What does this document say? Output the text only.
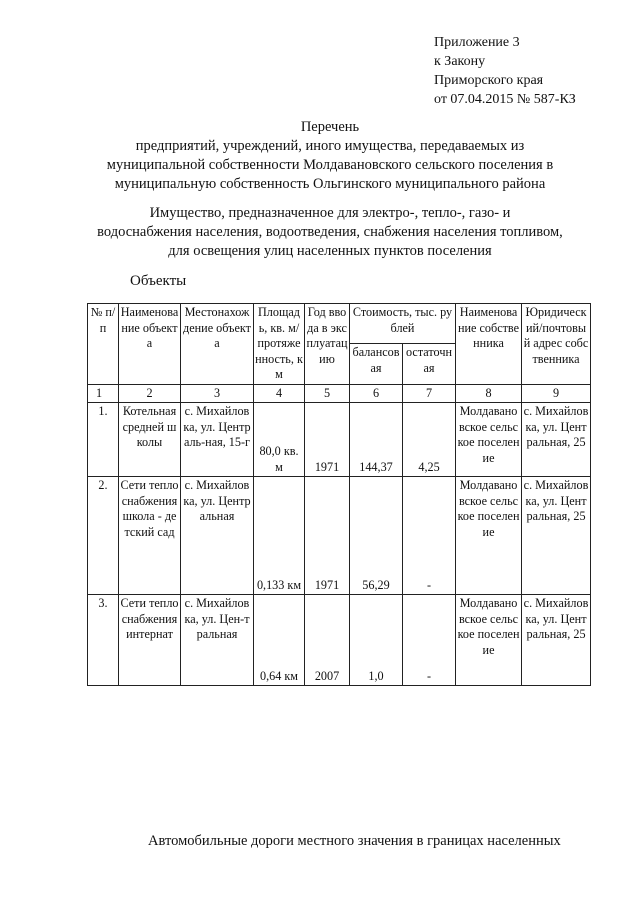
Приложение 3
к Закону
Приморского края
от 07.04.2015 № 587-КЗ
Перечень
предприятий, учреждений, иного имущества, передаваемых из
муниципальной собственности Молдавановского сельского поселения в
муниципальную собственность Ольгинского муниципального района
Имущество, предназначенное для электро-, тепло-, газо- и
водоснабжения населения, водоотведения, снабжения населения топливом,
для освещения улиц населенных пунктов поселения
Объекты
№ п/п	Наименование объекта	Местонахождение объекта	Площадь, кв. м/ протяженность, км	Год ввода в эксплуатацию	Стоимость, тыс. рублей		Наименование собственника	Юридический/почтовый адрес собственника
					балансовая	остаточная		
1	2	3	4	5	6	7	8	9
1.	Котельная средней школы	с. Михайловка, ул. Централь-ная, 15-г	80,0 кв. м	1971	144,37	4,25	Молдавановское сельское поселение	с. Михайловка, ул. Центральная, 25
2.	Сети теплоснабжения школа - детский сад	с. Михайловка, ул. Центральная	0,133 км	1971	56,29	-	Молдавановское сельское поселение	с. Михайловка, ул. Центральная, 25
3.	Сети теплоснабжения интернат	с. Михайловка, ул. Цен-тральная	0,64 км	2007	1,0	-	Молдавановское сельское поселение	с. Михайловка, ул. Центральная, 25
Автомобильные дороги местного значения в границах населенных
